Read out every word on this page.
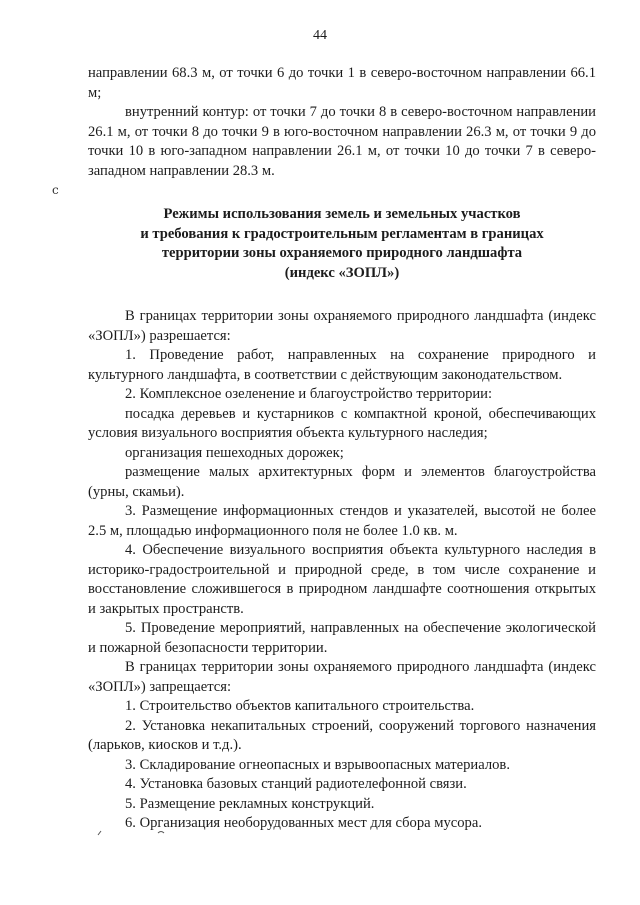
44
ⅽ

направлении 68.3 м, от точки 6 до точки 1 в северо-восточном направлении 66.1 м;

внутренний контур: от точки 7 до точки 8 в северо-восточном направлении 26.1 м, от точки 8 до точки 9 в юго-восточном направлении 26.3 м, от точки 9 до точки 10 в юго-западном направлении 26.1 м, от точки 10 до точки 7 в северо-западном направлении 28.3 м.

Режимы использования земель и земельных участков
и требования к градостроительным регламентам в границах
территории зоны охраняемого природного ландшафта
(индекс «ЗОПЛ»)

В границах территории зоны охраняемого природного ландшафта (индекс «ЗОПЛ») разрешается:

1. Проведение работ, направленных на сохранение природного и культурного ландшафта, в соответствии с действующим законодательством.

2. Комплексное озеленение и благоустройство территории:

посадка деревьев и кустарников с компактной кроной, обеспечивающих условия визуального восприятия объекта культурного наследия;

организация пешеходных дорожек;

размещение малых архитектурных форм и элементов благоустройства (урны, скамьи).

3. Размещение информационных стендов и указателей, высотой не более 2.5 м, площадью информационного поля не более 1.0 кв. м.

4. Обеспечение визуального восприятия объекта культурного наследия в историко-градостроительной и природной среде, в том числе сохранение и восстановление сложившегося в природном ландшафте соотношения открытых и закрытых пространств.

5. Проведение мероприятий, направленных на обеспечение экологической и пожарной безопасности территории.

В границах территории зоны охраняемого природного ландшафта (индекс «ЗОПЛ») запрещается:

1. Строительство объектов капитального строительства.

2. Установка некапитальных строений, сооружений торгового назначения (ларьков, киосков и т.д.).

3. Складирование огнеопасных и взрывоопасных материалов.

4. Установка базовых станций радиотелефонной связи.

5. Размещение рекламных конструкций.

6. Организация необорудованных мест для сбора мусора.
